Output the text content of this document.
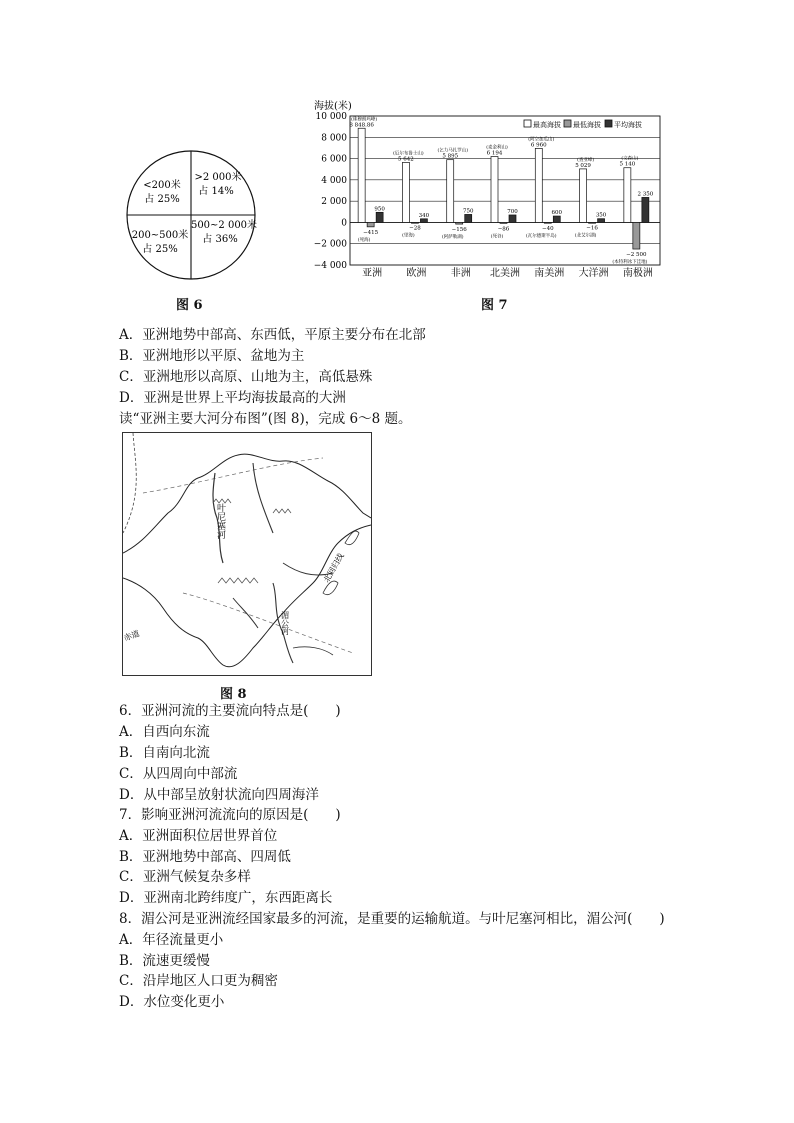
<200米
占 25%
>2 000米
占 14%
500~2 000米
占 36%
200~500米
占 25%
图 6
海拔(米)
10 000
8 000
6 000
4 000
2 000
0
−2 000
−4 000
亚洲
8 848.86
−415
950
(珠穆朗玛峰)
(死海)
欧洲
5 642
−28
340
(厄尔布鲁士山)
(里海)
非洲
5 895
−156
750
(乞力马扎罗山)
(阿萨勒湖)
北美洲
6 194
−86
700
(麦金利山)
(死谷)
南美洲
6 960
−40
600
(阿空加瓜山)
(瓦尔德斯半岛)
大洋洲
5 029
−16
350
(查亚峰)
(北艾尔湖)
南极洲
5 140
−2 500
2 350
(文森山)
(本特利冰下洼地)
最高海拔 最低海拔 平均海拔
图 7
A．亚洲地势中部高、东西低，平原主要分布在北部
B．亚洲地形以平原、盆地为主
C．亚洲地形以高原、山地为主，高低悬殊
D．亚洲是世界上平均海拔最高的大洲
读“亚洲主要大河分布图”(图 8)，完成 6～8 题。
叶尼塞河
北回归线
赤道
湄公河
图 8
6．亚洲河流的主要流向特点是(　　)
A．自西向东流
B．自南向北流
C．从四周向中部流
D．从中部呈放射状流向四周海洋
7．影响亚洲河流流向的原因是(　　)
A．亚洲面积位居世界首位
B．亚洲地势中部高、四周低
C．亚洲气候复杂多样
D．亚洲南北跨纬度广，东西距离长
8．湄公河是亚洲流经国家最多的河流，是重要的运输航道。与叶尼塞河相比，湄公河(　　)
A．年径流量更小
B．流速更缓慢
C．沿岸地区人口更为稠密
D．水位变化更小
